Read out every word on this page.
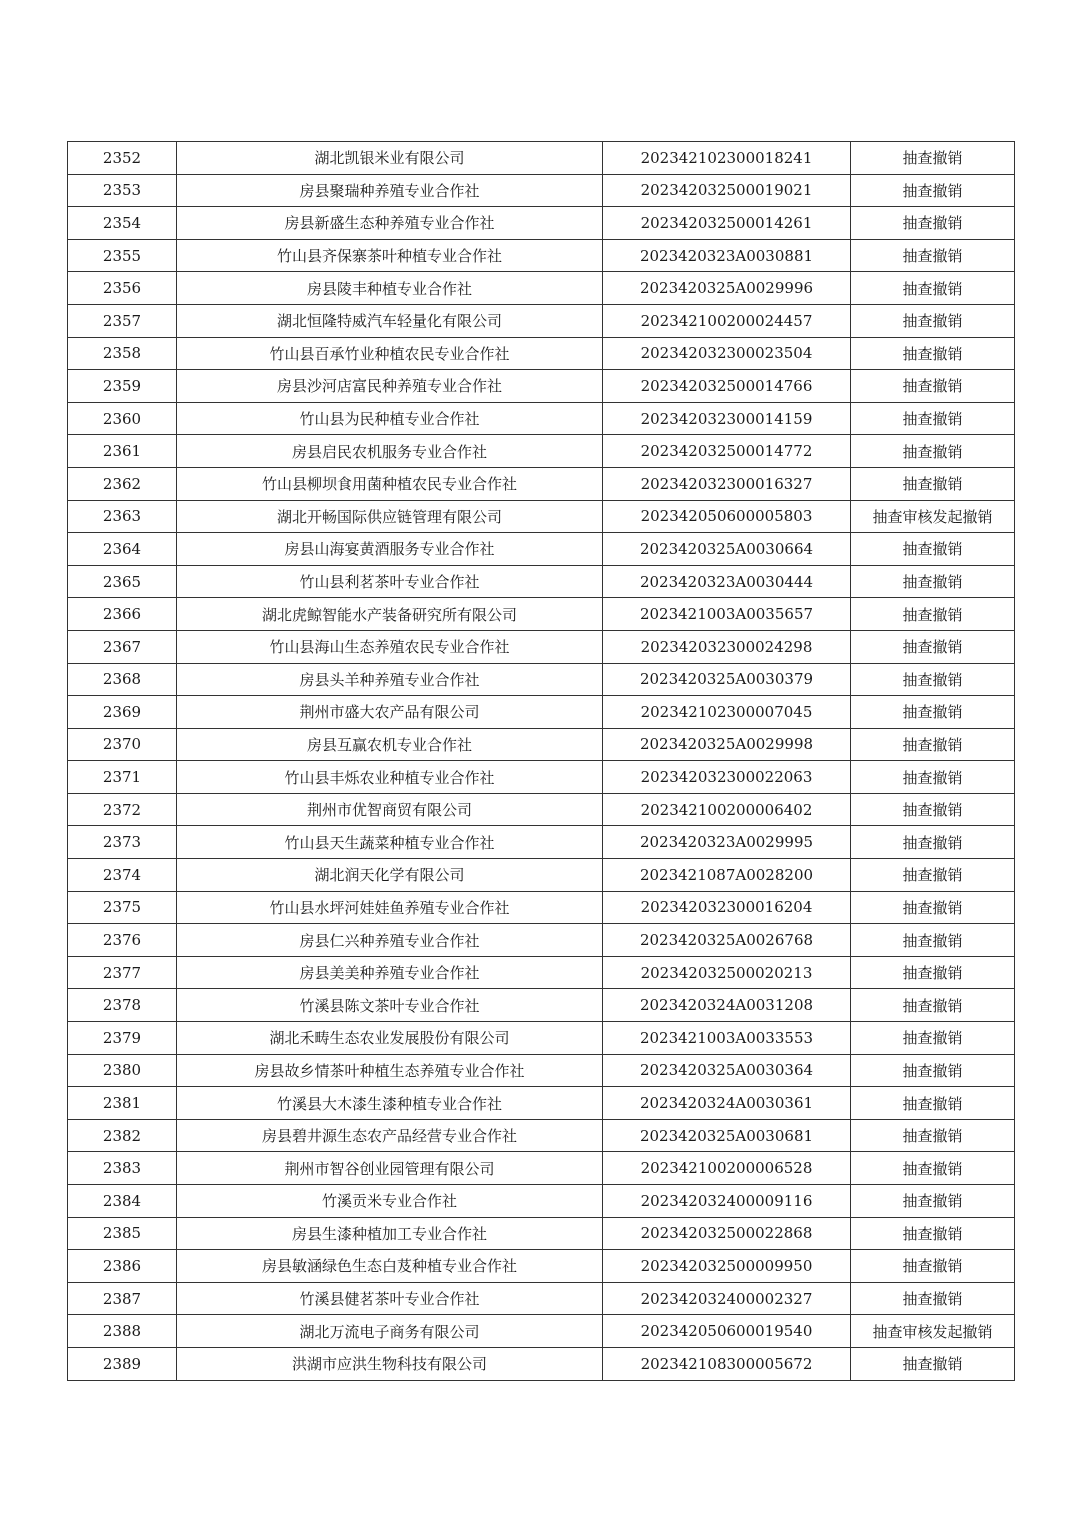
2352	湖北凯银米业有限公司	202342102300018241	抽查撤销
2353	房县聚瑞种养殖专业合作社	202342032500019021	抽查撤销
2354	房县新盛生态种养殖专业合作社	202342032500014261	抽查撤销
2355	竹山县齐保寨茶叶种植专业合作社	2023420323A0030881	抽查撤销
2356	房县陵丰种植专业合作社	2023420325A0029996	抽查撤销
2357	湖北恒隆特威汽车轻量化有限公司	202342100200024457	抽查撤销
2358	竹山县百承竹业种植农民专业合作社	202342032300023504	抽查撤销
2359	房县沙河店富民种养殖专业合作社	202342032500014766	抽查撤销
2360	竹山县为民种植专业合作社	202342032300014159	抽查撤销
2361	房县启民农机服务专业合作社	202342032500014772	抽查撤销
2362	竹山县柳坝食用菌种植农民专业合作社	202342032300016327	抽查撤销
2363	湖北开畅国际供应链管理有限公司	202342050600005803	抽查审核发起撤销
2364	房县山海宴黄酒服务专业合作社	2023420325A0030664	抽查撤销
2365	竹山县利茗茶叶专业合作社	2023420323A0030444	抽查撤销
2366	湖北虎鲸智能水产装备研究所有限公司	2023421003A0035657	抽查撤销
2367	竹山县海山生态养殖农民专业合作社	202342032300024298	抽查撤销
2368	房县头羊种养殖专业合作社	2023420325A0030379	抽查撤销
2369	荆州市盛大农产品有限公司	202342102300007045	抽查撤销
2370	房县互赢农机专业合作社	2023420325A0029998	抽查撤销
2371	竹山县丰烁农业种植专业合作社	202342032300022063	抽查撤销
2372	荆州市优智商贸有限公司	202342100200006402	抽查撤销
2373	竹山县天生蔬菜种植专业合作社	2023420323A0029995	抽查撤销
2374	湖北润天化学有限公司	2023421087A0028200	抽查撤销
2375	竹山县水坪河娃娃鱼养殖专业合作社	202342032300016204	抽查撤销
2376	房县仁兴种养殖专业合作社	2023420325A0026768	抽查撤销
2377	房县美美种养殖专业合作社	202342032500020213	抽查撤销
2378	竹溪县陈文茶叶专业合作社	2023420324A0031208	抽查撤销
2379	湖北禾畴生态农业发展股份有限公司	2023421003A0033553	抽查撤销
2380	房县故乡情茶叶种植生态养殖专业合作社	2023420325A0030364	抽查撤销
2381	竹溪县大木漆生漆种植专业合作社	2023420324A0030361	抽查撤销
2382	房县碧井源生态农产品经营专业合作社	2023420325A0030681	抽查撤销
2383	荆州市智谷创业园管理有限公司	202342100200006528	抽查撤销
2384	竹溪贡米专业合作社	202342032400009116	抽查撤销
2385	房县生漆种植加工专业合作社	202342032500022868	抽查撤销
2386	房县敏涵绿色生态白芨种植专业合作社	202342032500009950	抽查撤销
2387	竹溪县健茗茶叶专业合作社	202342032400002327	抽查撤销
2388	湖北万流电子商务有限公司	202342050600019540	抽查审核发起撤销
2389	洪湖市应洪生物科技有限公司	202342108300005672	抽查撤销
